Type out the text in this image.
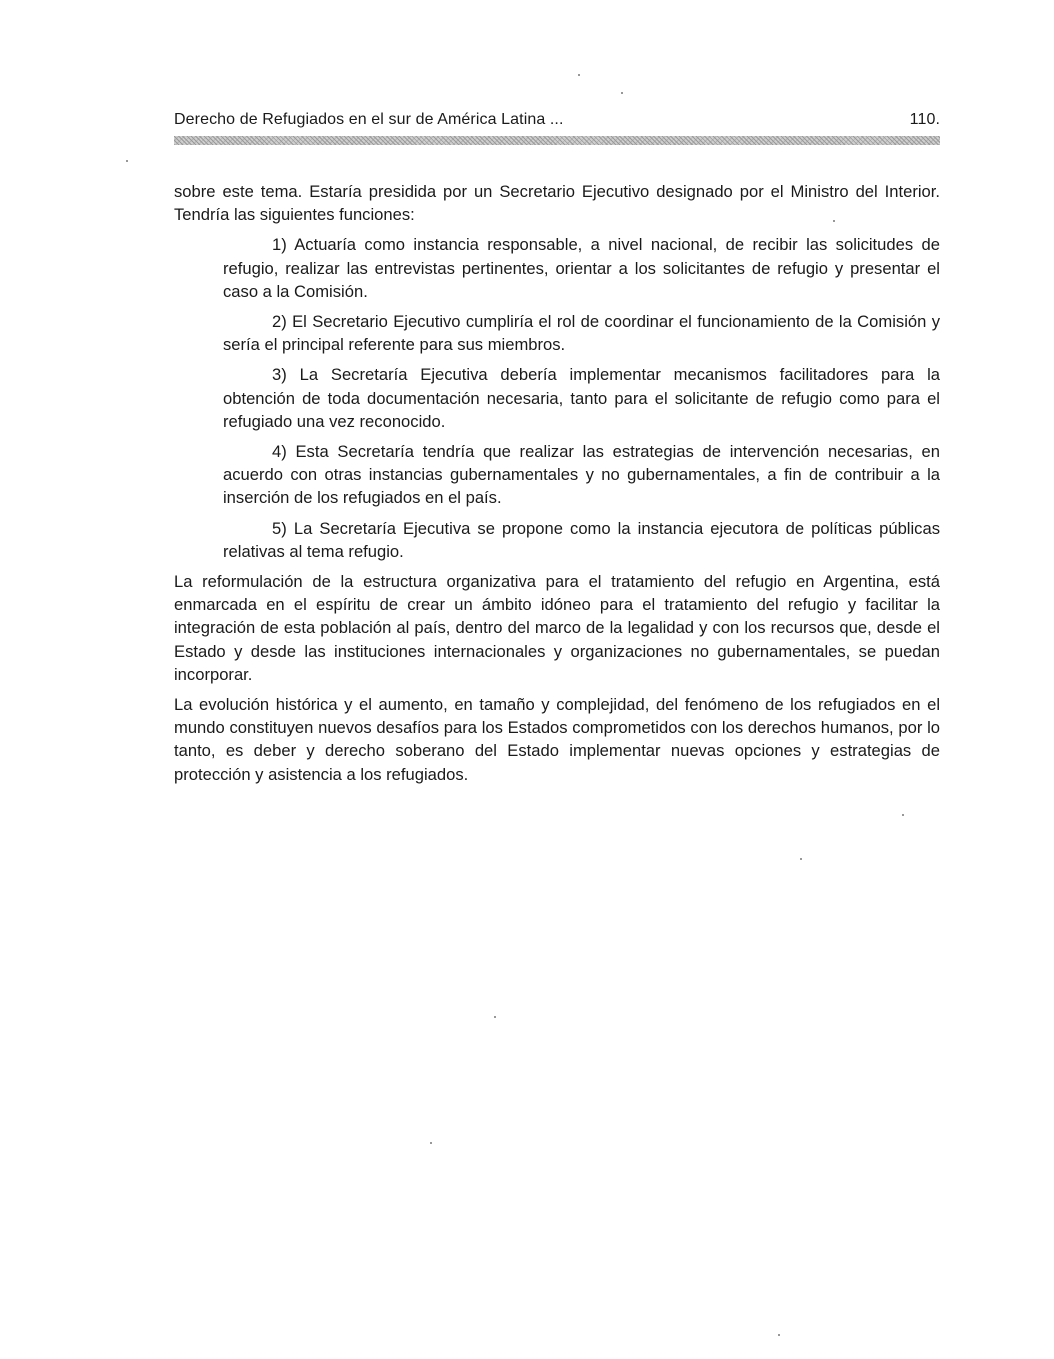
Derecho de Refugiados en el sur de América Latina ...	110.

sobre este tema. Estaría presidida por un Secretario Ejecutivo designado por el Ministro del Interior. Tendría las siguientes funciones:

1) Actuaría como instancia responsable, a nivel nacional, de recibir las solicitudes de refugio, realizar las entrevistas pertinentes, orientar a los solicitantes de refugio y presentar el caso a la Comisión.

2) El Secretario Ejecutivo cumpliría el rol de coordinar el funcionamiento de la Comisión y sería el principal referente para sus miembros.

3) La Secretaría Ejecutiva debería implementar mecanismos facilitadores para la obtención de toda documentación necesaria, tanto para el solicitante de refugio como para el refugiado una vez reconocido.

4) Esta Secretaría tendría que realizar las estrategias de intervención necesarias, en acuerdo con otras instancias gubernamentales y no gubernamentales, a fin de contribuir a la inserción de los refugiados en el país.

5) La Secretaría Ejecutiva se propone como la instancia ejecutora de políticas públicas relativas al tema refugio.

La reformulación de la estructura organizativa para el tratamiento del refugio en Argentina, está enmarcada en el espíritu de crear un ámbito idóneo para el tratamiento del refugio y facilitar la integración de esta población al país, dentro del marco de la legalidad y con los recursos que, desde el Estado y desde las instituciones internacionales y organizaciones no gubernamentales, se puedan incorporar.

La evolución histórica y el aumento, en tamaño y complejidad, del fenómeno de los refugiados en el mundo constituyen nuevos desafíos para los Estados comprometidos con los derechos humanos, por lo tanto, es deber y derecho soberano del Estado implementar nuevas opciones y estrategias de protección y asistencia a los refugiados.
